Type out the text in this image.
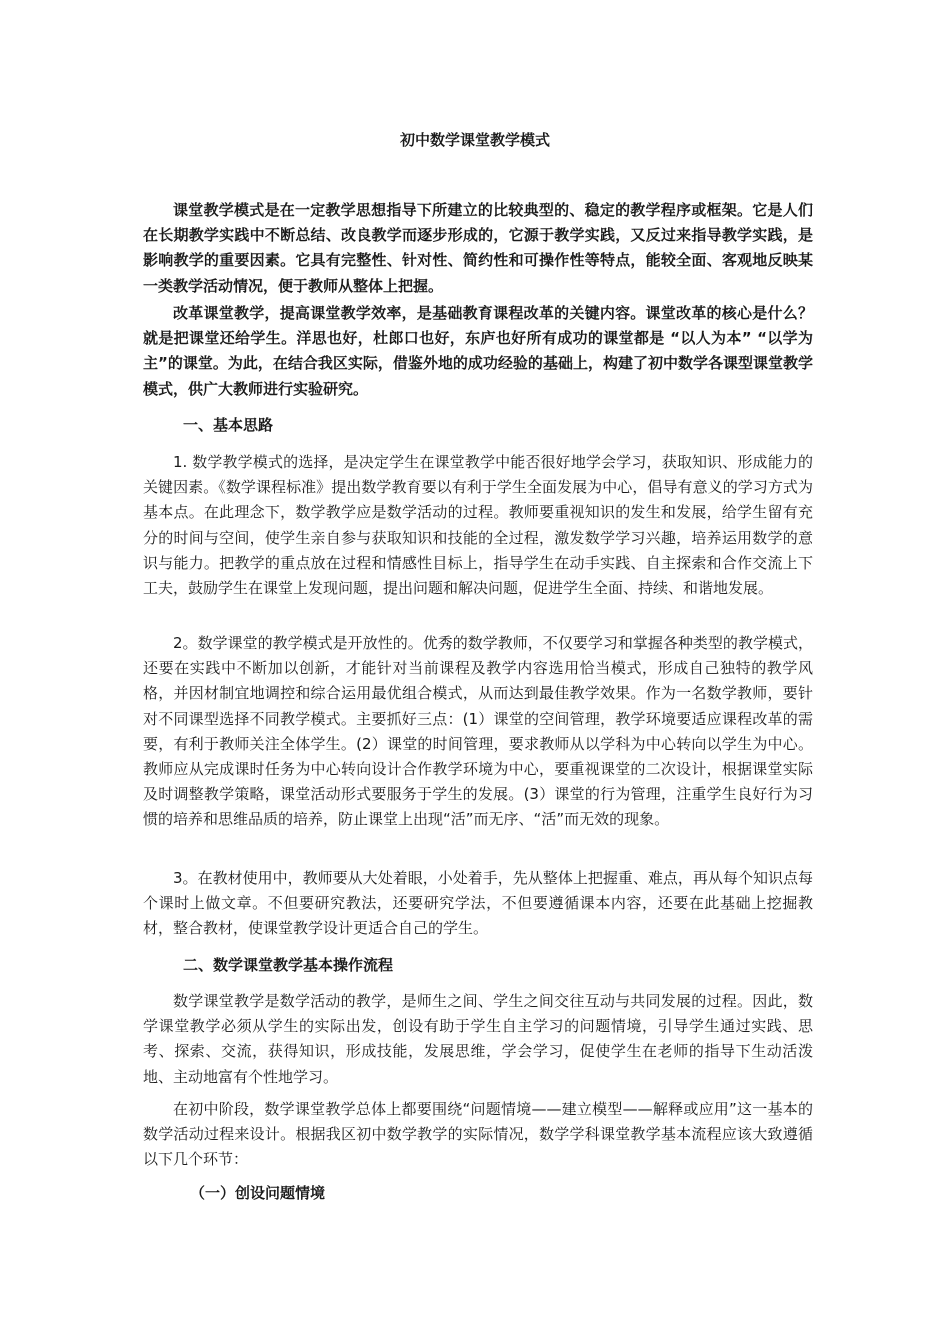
初中数学课堂教学模式

课堂教学模式是在一定教学思想指导下所建立的比较典型的、稳定的教学程序或框架。它是人们在长期教学实践中不断总结、改良教学而逐步形成的，它源于教学实践，又反过来指导教学实践，是影响教学的重要因素。它具有完整性、针对性、简约性和可操作性等特点，能较全面、客观地反映某一类教学活动情况，便于教师从整体上把握。

改革课堂教学，提高课堂教学效率，是基础教育课程改革的关键内容。课堂改革的核心是什么？就是把课堂还给学生。洋思也好，杜郎口也好，东庐也好所有成功的课堂都是 “以人为本” “以学为主”的课堂。为此，在结合我区实际，借鉴外地的成功经验的基础上，构建了初中数学各课型课堂教学模式，供广大教师进行实验研究。

一、基本思路

1. 数学教学模式的选择，是决定学生在课堂教学中能否很好地学会学习，获取知识、形成能力的关键因素。《数学课程标准》提出数学教育要以有利于学生全面发展为中心，倡导有意义的学习方式为基本点。在此理念下，数学教学应是数学活动的过程。教师要重视知识的发生和发展，给学生留有充分的时间与空间，使学生亲自参与获取知识和技能的全过程，激发数学学习兴趣，培养运用数学的意识与能力。把教学的重点放在过程和情感性目标上，指导学生在动手实践、自主探索和合作交流上下工夫，鼓励学生在课堂上发现问题，提出问题和解决问题，促进学生全面、持续、和谐地发展。

2。数学课堂的教学模式是开放性的。优秀的数学教师，不仅要学习和掌握各种类型的教学模式，还要在实践中不断加以创新，才能针对当前课程及教学内容选用恰当模式，形成自己独特的教学风格，并因材制宜地调控和综合运用最优组合模式，从而达到最佳教学效果。作为一名数学教师，要针对不同课型选择不同教学模式。主要抓好三点：(1）课堂的空间管理，教学环境要适应课程改革的需要，有利于教师关注全体学生。(2）课堂的时间管理，要求教师从以学科为中心转向以学生为中心。教师应从完成课时任务为中心转向设计合作教学环境为中心，要重视课堂的二次设计，根据课堂实际及时调整教学策略，课堂活动形式要服务于学生的发展。(3）课堂的行为管理，注重学生良好行为习惯的培养和思维品质的培养，防止课堂上出现“活”而无序、“活”而无效的现象。

3。在教材使用中，教师要从大处着眼，小处着手，先从整体上把握重、难点，再从每个知识点每个课时上做文章。不但要研究教法，还要研究学法，不但要遵循课本内容，还要在此基础上挖掘教材，整合教材，使课堂教学设计更适合自己的学生。

二、数学课堂教学基本操作流程

数学课堂教学是数学活动的教学，是师生之间、学生之间交往互动与共同发展的过程。因此，数学课堂教学必须从学生的实际出发，创设有助于学生自主学习的问题情境，引导学生通过实践、思考、探索、交流，获得知识，形成技能，发展思维，学会学习，促使学生在老师的指导下生动活泼地、主动地富有个性地学习。

在初中阶段，数学课堂教学总体上都要围绕“问题情境——建立模型——解释或应用”这一基本的数学活动过程来设计。根据我区初中数学教学的实际情况，数学学科课堂教学基本流程应该大致遵循以下几个环节：

（一）创设问题情境
